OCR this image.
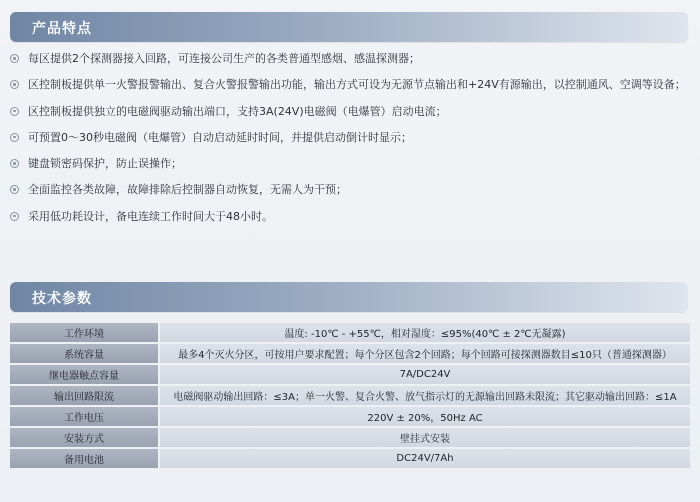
产品特点
每区提供2个探测器接入回路，可连接公司生产的各类普通型感烟、感温探测器；
区控制板提供单一火警报警输出、复合火警报警输出功能，输出方式可设为无源节点输出和+24V有源输出，以控制通风、空调等设备；
区控制板提供独立的电磁阀驱动输出端口，支持3A(24V)电磁阀（电爆管）启动电流；
可预置0～30秒电磁阀（电爆管）自动启动延时时间，并提供启动倒计时显示；
键盘锁密码保护，防止误操作；
全面监控各类故障，故障排除后控制器自动恢复，无需人为干预；
采用低功耗设计，备电连续工作时间大于48小时。
技术参数
工作环境	温度: -10℃ - +55℃，相对湿度：≤95%(40℃ ± 2℃无凝露)
系统容量	最多4个灭火分区，可按用户要求配置；每个分区包含2个回路；每个回路可接探测器数目≤10只（普通探测器）
继电器触点容量	7A/DC24V
输出回路限流	电磁阀驱动输出回路：≤3A；单一火警、复合火警、放气指示灯的无源输出回路未限流；其它驱动输出回路：≤1A
工作电压	220V ± 20%，50Hz AC
安装方式	壁挂式安装
备用电池	DC24V/7Ah
